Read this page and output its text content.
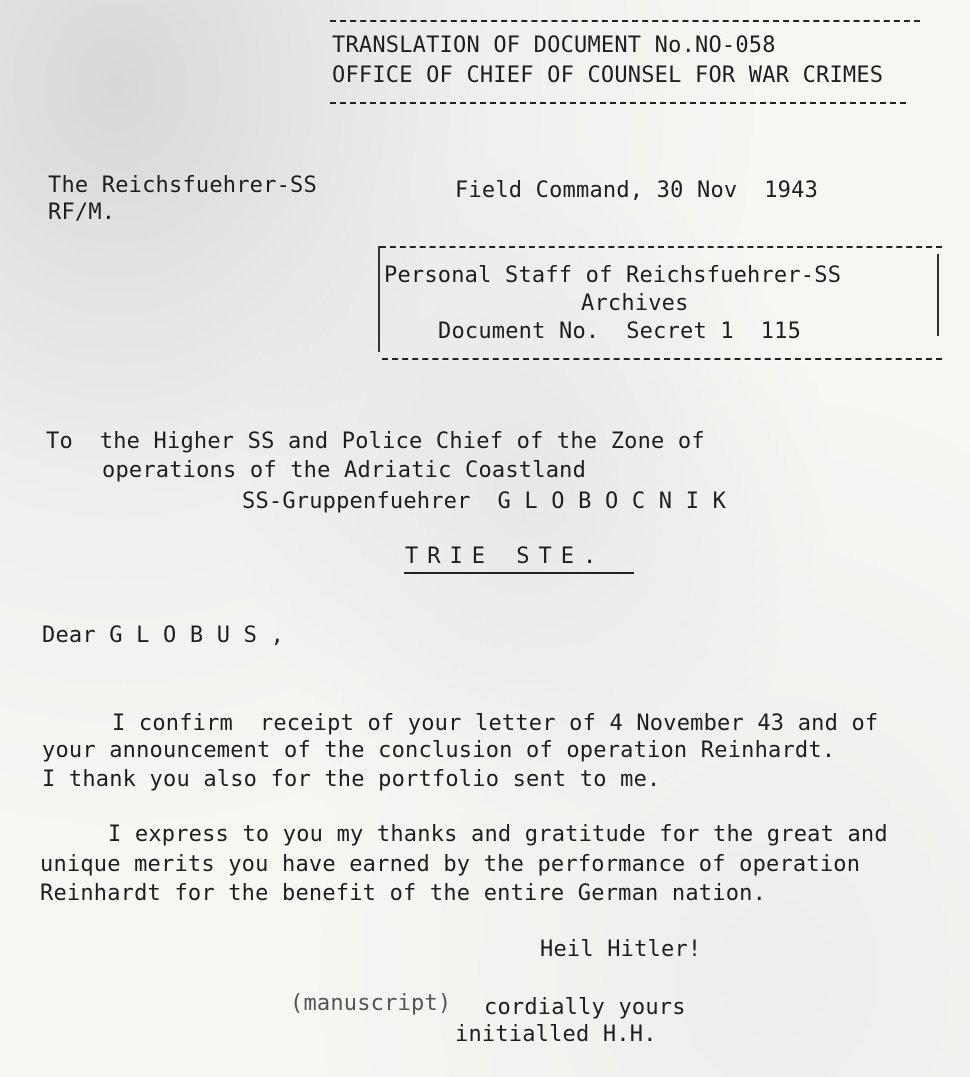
TRANSLATION OF DOCUMENT No.NO-058
OFFICE OF CHIEF OF COUNSEL FOR WAR CRIMES
The Reichsfuehrer-SS
RF/M.
Field Command, 30 Nov  1943
Personal Staff of Reichsfuehrer-SS
Archives
Document No.  Secret 1  115
To  the Higher SS and Police Chief of the Zone of
operations of the Adriatic Coastland
SS-Gruppenfuehrer  G L O B O C N I K
TRIE STE.
Dear G L O B U S ,
I confirm  receipt of your letter of 4 November 43 and of
your announcement of the conclusion of operation Reinhardt.
I thank you also for the portfolio sent to me.
I express to you my thanks and gratitude for the great and
unique merits you have earned by the performance of operation
Reinhardt for the benefit of the entire German nation.
Heil Hitler!
(manuscript) cordially yours
initialled H.H.
